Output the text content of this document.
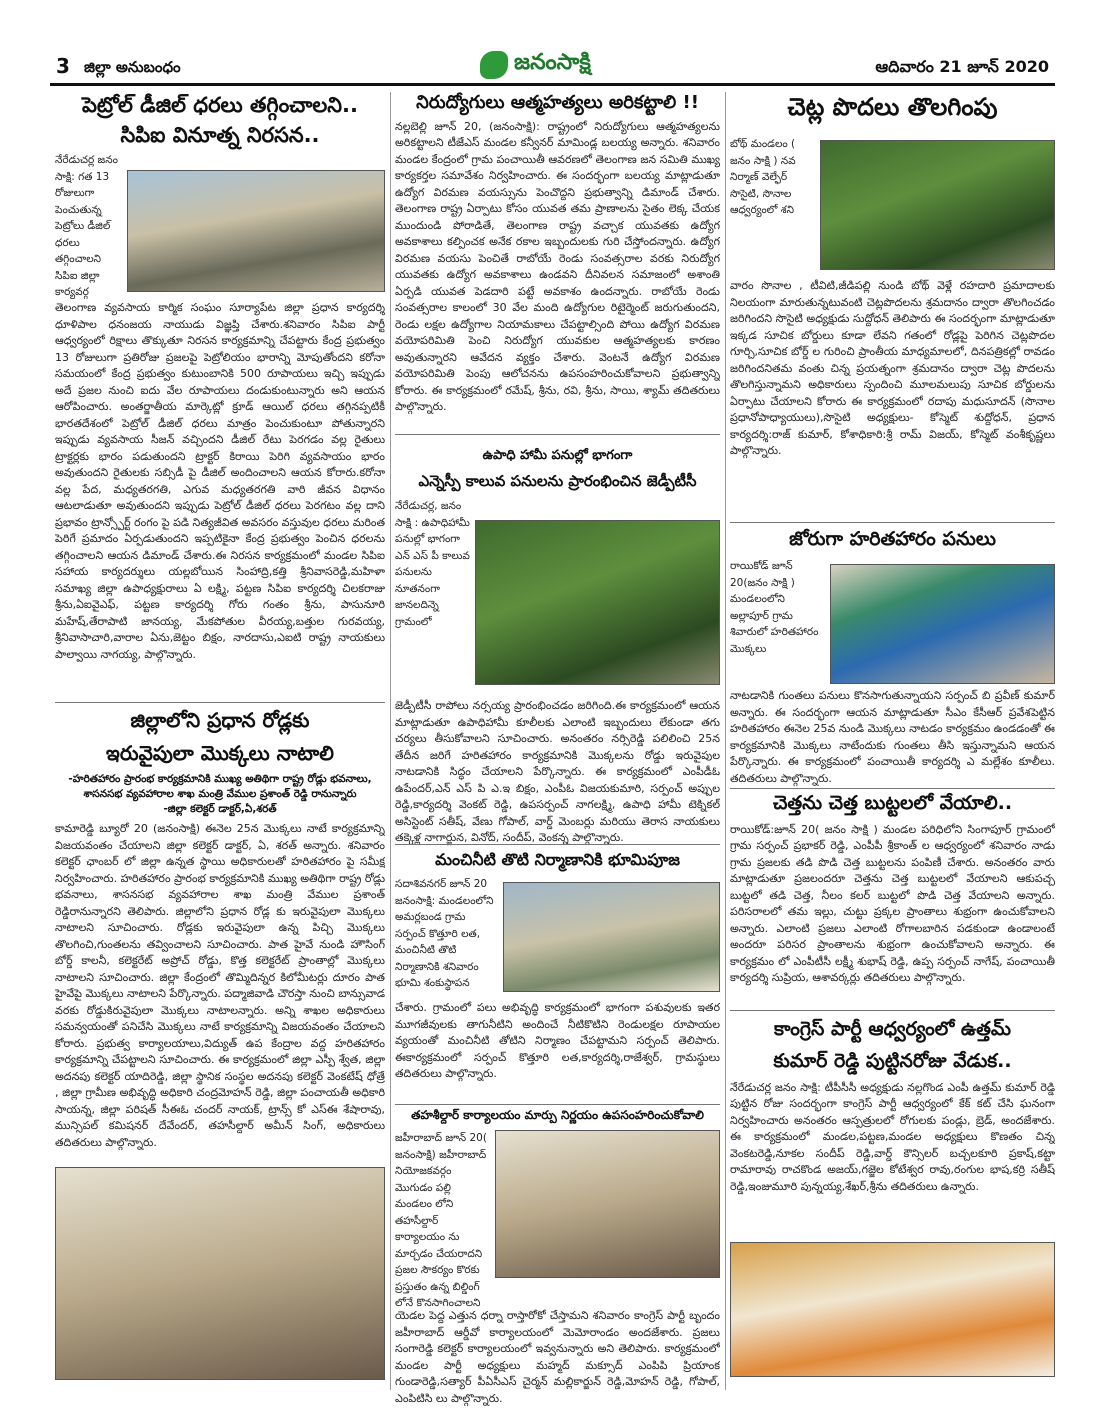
3 జిల్లా అనుబంధం	జనంసాక్షి	ఆదివారం 21 జూన్ 2020
పెట్రోల్ డీజిల్ ధరలు తగ్గించాలని..
సిపిఐ వినూత్న నిరసన..
నేరేడుచర్ల జనం సాక్షి: గత 13 రోజులుగా పెంచుతున్న పెట్రోలు డీజిల్ ధరలు తగ్గించాలని సిపిఐ జిల్లా కార్యవర్గ
తెలంగాణ వ్యవసాయ కార్మిక సంఘం సూర్యాపేట జిల్లా ప్రధాన కార్యదర్శి ధూళిపాల ధనంజయ నాయుడు విజ్ఞప్తి చేశారు.శనివారం సిపిఐ పార్టీ ఆధ్వర్యంలో రిక్షాలు తొక్కుతూ నిరసన కార్యక్రమాన్ని చేపట్టారు కేంద్ర ప్రభుత్వం 13 రోజులుగా ప్రతిరోజు ప్రజలపై పెట్రోలియం భారాన్ని మోపుతోందని కరోనా సమయంలో కేంద్ర ప్రభుత్వం కుటుంబానికి 500 రూపాయలు ఇచ్చి ఇప్పుడు అదే ప్రజల నుంచి ఐదు వేల రూపాయలు దండుకుంటున్నారు అని ఆయన ఆరోపించారు. అంతర్జాతీయ మార్కెట్లో క్రూడ్ ఆయిల్ ధరలు తగ్గినప్పటికీ భారతదేశంలో పెట్రోల్ డీజిల్ ధరలు మాత్రం పెంచుకుంటూ పోతున్నారని ఇప్పుడు వ్యవసాయ సీజన్ వచ్చిందని డీజిల్ రేటు పెరగడం వల్ల రైతులు ట్రాక్టర్లకు భారం పడుతుందని ట్రాక్టర్ కిరాయి పెరిగి వ్యవసాయం భారం అవుతుందని రైతులకు సబ్సిడీ పై డీజిల్ అందించాలని ఆయన కోరారు.కరోనా వల్ల పేద, మధ్యతరగతి, ఎగువ మధ్యతరగతి వారి జీవన విధానం ఆటలాడుతూ అవుతుందని ఇప్పుడు పెట్రోల్ డీజిల్ ధరలు పెరగటం వల్ల దాని ప్రభావం ట్రాన్స్పోర్ట్ రంగం పై పడి నిత్యజీవిత అవసరం వస్తువుల ధరలు మరింత పెరిగే ప్రమాదం ఏర్పడుతుందని ఇప్పటికైనా కేంద్ర ప్రభుత్వం పెంచిన ధరలను తగ్గించాలని ఆయన డిమాండ్ చేశారు.ఈ నిరసన కార్యక్రమంలో మండల సిపిఐ సహాయ కార్యదర్శులు యల్లబోయిన సింహాద్రి,కత్తి శ్రీనివాసరెడ్డి,మహిళా సమాఖ్య జిల్లా ఉపాధ్యక్షురాలు ఏ లక్ష్మి, పట్టణ సిపిఐ కార్యదర్శి చిలకరాజు శ్రీను,ఏఐవైఎఫ్, పట్టణ కార్యదర్శి గోరు గంతం శ్రీను, పాసునూరి మహేష్,తేరాపాటి జానయ్య, మేకపోతుల వీరయ్య,బత్తుల గురవయ్య, శ్రీనివాసాచారి,వారాల ఏను,జెట్టం బిక్షం, నారదాసు,ఎఐటి రాష్ట్ర నాయకులు పాల్వాయి నాగయ్య, పాల్గొన్నారు.
జిల్లాలోని ప్రధాన రోడ్లకు
ఇరువైపులా మొక్కలు నాటాలి
-హరితహారం ప్రారంభ కార్యక్రమానికి ముఖ్య అతిథిగా రాష్ట్ర రోడ్లు భవనాలు,
శాసనసభ వ్యవహారాల శాఖ మంత్రి వేముల ప్రశాంత్ రెడ్డి రానున్నారు
-జిల్లా కలెక్టర్ డాక్టర్,ఏ,శరత్
కామారెడ్డి బ్యూరో 20 (జనంసాక్షి) ఈనెల 25న మొక్కలు నాటే కార్యక్రమాన్ని విజయవంతం చేయాలని జిల్లా కలెక్టర్ డాక్టర్, ఏ, శరత్ అన్నారు. శనివారం కలెక్టర్ ఛాంబర్ లో జిల్లా ఉన్నత స్థాయి అధికారులతో హరితహారం పై సమీక్ష నిర్వహించారు. హరితహారం ప్రారంభ కార్యక్రమానికి ముఖ్య అతిథిగా రాష్ట్ర రోడ్లు భవనాలు, శాసనసభ వ్యవహారాల శాఖ మంత్రి వేముల ప్రశాంత్ రెడ్డిరానున్నారని తెలిపారు. జిల్లాలోని ప్రధాన రోడ్ల కు ఇరువైపులా మొక్కలు నాటాలని సూచించారు. రోడ్లకు ఇరువైపులా ఉన్న పిచ్చి మొక్కలు తొలగించి,గుంతలను తవ్వించాలని సూచించారు. పాత హైవే నుండి హౌసింగ్ బోర్డ్ కాలనీ, కలెక్టరేట్ అప్రోచ్ రోడ్డు, కొత్త కలెక్టరేట్ ప్రాంతాల్లో మొక్కలు నాటాలని సూచించారు. జిల్లా కేంద్రంలో తొమ్మిదిన్నర కిలోమీటర్లు దూరం పాత హైవేపై మొక్కలు నాటాలని పేర్కొన్నారు. పద్మాజివాడి చౌరస్తా నుంచి బాన్సువాడ వరకు రోడ్డుకిరువైపులా మొక్కలు నాటాలన్నారు. అన్ని శాఖల అధికారులు సమన్వయంతో పనిచేసి మొక్కలు నాటే కార్యక్రమాన్ని విజయవంతం చేయాలని కోరారు. ప్రభుత్వ కార్యాలయాలు,విద్యుత్ ఉప కేంద్రాల వద్ద హరితహారం కార్యక్రమాన్ని చేపట్టాలని సూచించారు. ఈ కార్యక్రమంలో జిల్లా ఎస్పీ శ్వేత, జిల్లా అదనపు కలెక్టర్ యాదిరెడ్డి, జిల్లా స్థానిక సంస్థల అదనపు కలెక్టర్ వెంకటేష్ ధోత్రే , జిల్లా గ్రామీణ అభివృద్ధి అధికారి చంద్రమోహన్ రెడ్డి, జిల్లా పంచాయతీ అధికారి సాయన్న, జిల్లా పరిషత్ సీఈఓ చందర్ నాయక్, ట్రాన్స్ కో ఎస్ఈ శేషారావు, మున్సిపల్ కమిషనర్ దేవేందర్, తహసీల్దార్ అమీన్ సింగ్, అధికారులు తదితరులు పాల్గొన్నారు.
నిరుద్యోగులు ఆత్మహత్యలు అరికట్టాలి !!
నల్లబెల్లి జూన్ 20, (జనంసాక్షి): రాష్ట్రంలో నిరుద్యోగులు ఆత్మహత్యలను అరికట్టాలని టీజేఎస్ మండల కన్వీనర్ మామిండ్ల బలయ్య అన్నారు. శనివారం మండల కేంద్రంలో గ్రామ పంచాయితీ ఆవరణలో తెలంగాణ జన సమితి ముఖ్య కార్యకర్తల సమావేశం నిర్వహించారు. ఈ సందర్భంగా బలయ్య మాట్లాడుతూ ఉద్యోగ విరమణ వయస్సును పెంచొద్దని ప్రభుత్వాన్ని డిమాండ్ చేశారు. తెలంగాణ రాష్ట్ర ఏర్పాటు కోసం యువత తమ ప్రాణాలను సైతం లెక్క చేయక ముందుండి పోరాడితే, తెలంగాణ రాష్ట్ర వచ్చాక యువతకు ఉద్యోగ అవకాశాలు కల్పించక అనేక రకాల ఇబ్బందులకు గురి చేస్తోందన్నారు. ఉద్యోగ విరమణ వయసు పెంచితే రాబోయే రెండు సంవత్సరాల వరకు నిరుద్యోగ యువతకు ఉద్యోగ అవకాశాలు ఉండవని దీనివలన సమాజంలో అశాంతి ఏర్పడి యువత పెడదారి పట్టే అవకాశం ఉందన్నారు. రాబోయే రెండు సంవత్సరాల కాలంలో 30 వేల మంది ఉద్యోగుల రిటైర్మెంట్ జరుగుతుందని, రెండు లక్షల ఉద్యోగాల నియామకాలు చేపట్టాల్సింది పోయి ఉద్యోగ విరమణ వయోపరిమితి పెంచి నిరుద్యోగ యువకుల ఆత్మహత్యలకు కారణం అవుతున్నారని ఆవేదన వ్యక్తం చేశారు. వెంటనే ఉద్యోగ విరమణ వయోపరిమితి పెంపు ఆలోచనను ఉపసంహరించుకోవాలని ప్రభుత్వాన్ని కోరారు. ఈ కార్యక్రమంలో రమేష్, శ్రీను, రవి, శ్రీను, సాయి, శ్యామ్ తదితరులు పాల్గొన్నారు.
ఉపాధి హామీ పనుల్లో భాగంగా
ఎన్నెస్పీ కాలువ పనులను ప్రారంభించిన జెడ్పీటీసీ
నేరేడుచర్ల, జనం సాక్షి : ఉపాధిహామీ పనుల్లో భాగంగా ఎన్ ఎస్ పీ కాలువ పనులను నూతనంగా జానలదిన్నె గ్రామంలో
జెడ్పీటీసీ రాపోలు నర్సయ్య ప్రారంభించడం జరిగింది.ఈ కార్యక్రమంలో ఆయన మాట్లాడుతూ ఉపాధిహామీ కూలీలకు ఎలాంటి ఇబ్బందులు లేకుండా తగు చర్యలు తీసుకోవాలని సూచించారు. అనంతరం నర్సిరెడ్డి పలిలించి 25న తేదీన జరిగే హరితహారం కార్యక్రమానికి మొక్కలను రోడ్డు ఇరువైపుల నాటడానికి సిద్ధం చేయాలని పేర్కొన్నారు. ఈ కార్యక్రమంలో ఎంపీడీఓ ఉపేందర్,ఎన్ ఎస్ పి ఎ.ఇ బిక్షం, ఎంపీఓ విజయకుమారి, సర్పంచ్ అప్పుల రెడ్డి,కార్యదర్శి వెంకట్ రెడ్డి, ఉపసర్పంచ్ నాగలక్ష్మి, ఉపాధి హామీ టెక్నికల్ అసిస్టెంట్ సతీష్, వేణు గోపాల్, వార్డ్ మెంబర్లు మరియు తెరాస నాయకులు తక్కెళ్ల నాగార్జున, వినోద్, సందీప్, వెంకన్న పాల్గొన్నారు.
మంచినీటి తొటి నిర్మాణానికి భూమిపూజ
సదాశివనగర్ జూన్ 20 జనంసాక్షి: మండలంలోని అమర్లబండ గ్రామ సర్పంచ్ కొత్తూరి లత, మంచినీటి తొటి నిర్మాణానికి శనివారం భూమి శంకుస్థాపన
చేశారు. గ్రామంలో పలు అభివృద్ధి కార్యక్రమంలో భాగంగా పశువులకు ఇతర మూగజీవులకు తాగునీటిని అందించే నీటికొటిని రెండులక్షల రూపాయల వ్యయంతో మంచినీటి తోటిని నిర్మాణం చేపట్టామని సర్పంచ్ తెలిపారు. ఈకార్యక్రమంలో సర్పంచ్ కొత్తూరి లత,కార్యదర్శి,రాజేశ్వర్, గ్రామస్థులు తదితరులు పాల్గొన్నారు.
తహశీల్దార్ కార్యాలయం మార్పు నిర్ణయం ఉపసంహరించుకోవాలి
జహీరాబాద్ జూన్ 20( జనంసాక్షి) జహీరాబాద్ నియోజకవర్గం మొగుడం పల్లి మండలం లోని తహసీల్దార్ కార్యాలయం ను మార్చడం చేయరాదని ప్రజల సౌకర్యం కొరకు ప్రస్తుతం ఉన్న బిల్డింగ్ లోనే కొనసాగించాలని
యెడల పెద్ద ఎత్తున ధర్నా రాస్తారోకో చేస్తామని శనివారం కాంగ్రెస్ పార్టీ బృందం జహీరాబాద్ ఆర్డీవో కార్యాలయంలో మెమోరాండం అందజేశారు. ప్రజలు సంగారెడ్డి కలెక్టర్ కార్యాలయంలో ఇవ్వనున్నారు అని తెలిపారు. కార్యక్రమంలో మండల పార్టీ అధ్యక్షులు మహ్మద్ మక్సూద్ ఎంపిపి ప్రియాంక గుండారెడ్డి,సత్యార్ పీఏసీఎస్ చైర్మన్ మల్లికార్జున్ రెడ్డి,మోహన్ రెడ్డి, గోపాల్, ఎంపిటిసి లు పాల్గొన్నారు.
చెట్ల పొదలు తొలగింపు
బోథ్ మండలం ( జనం సాక్షి ) నవ నిర్మాణ్ వెల్ఫేర్ సొసైటి, సొనాల ఆధ్వర్యంలో శని
వారం సొనాల , టీవిటి,జీడిపల్లి నుండి బోథ్ వెళ్లే రహదారి ప్రమాదాలకు నిలయంగా మారుతున్నటువంటి చెట్లపొదలను శ్రమదానం ద్వారా తొలగించడం జరిగిందని సొసైటి అధ్యక్షుడు సుద్దోధన్ తెలిపారు ఈ సందర్భంగా మాట్లాడుతూ ఇక్కడ సూచిక బోర్డులు కూడా లేవని గతంలో రోడ్లపై పెరిగిన చెట్లపొదల గూర్చి,సూచిక బోర్డ్ ల గురించి ప్రాంతీయ మాధ్యమాలలో, దినపత్రికల్లో రావడం జరిగిందనితమ వంతు చిన్న ప్రయత్నంగా శ్రమదానం ద్వారా చెట్ల పొదలను తొలగిస్తున్నామని అధికారులు స్పందించి మూలమలుపు సూచిక బోర్డులను ఏర్పాటు చేయాలని కోరారు ఈ కార్యక్రమంలో రదాపు మధుసూదన్ (సొనాల ప్రధానోపాధ్యాయులు),సొసైటి అధ్యక్షులు- కోస్మెట్ శుద్దోధన్, ప్రధాన కార్యదర్శి:రాజ్ కుమార్, కోశాధికారి:శ్రీ రామ్ విజయ్, కోస్మెట్ వంశీకృష్ణలు పాల్గొన్నారు.
జోరుగా హరితహారం పనులు
రాయికోడ్ జూన్ 20(జనం సాక్షి ) మండలంలోని అల్లాపూర్ గ్రామ శివారులో హరితహారం మొక్కలు
నాటడానికి గుంతలు పనులు కొనసాగుతున్నాయని సర్పంచ్ బి ప్రవీణ్ కుమార్ అన్నారు. ఈ సందర్భంగా ఆయన మాట్లాడుతూ సీఎం కేసీఆర్ ప్రవేశపెట్టిన హరితహారం ఈనెల 25వ నుండి మొక్కలు నాటడం కార్యక్రమం ఉండడంతో ఈ కార్యక్రమానికి మొక్కలు నాటేందుకు గుంతలు తీసి ఇస్తున్నామని ఆయన పేర్కొన్నారు. ఈ కార్యక్రమంలో పంచాయితీ కార్యదర్శి ఎ మల్లేశం కూలీలు. తదితరులు పాల్గొన్నారు.
చెత్తను చెత్త బుట్టలలో వేయాలి..
రాయికోడ్:జూన్ 20( జనం సాక్షి ) మండల పరిధిలోని సింగాపూర్ గ్రామంలో గ్రామ సర్పంచ్ ప్రభాకర్ రెడ్డి, ఎంపీపీ శ్రీకాంత్ ల ఆధ్వర్యంలో శనివారం నాడు గ్రామ ప్రజలకు తడి పొడి చెత్త బుట్టలను పంపిణీ చేశారు. అనంతరం వారు మాట్లాడుతూ ప్రజలందరూ చెత్తను చెత్త బుట్టలలో వేయాలని ఆకుపచ్చ బుట్టలో తడి చెత్త, నీలం కలర్ బుట్టలో పొడి చెత్త వేయాలని అన్నారు. పరిసరాలలో తమ ఇల్లు, చుట్టు ప్రక్కల ప్రాంతాలు శుభ్రంగా ఉంచుకోవాలని అన్నారు. ఎలాంటి ప్రజలు ఎలాంటి రోగాలబారిన పడకుండా ఉండాలంటే అందరూ పరిసర ప్రాంతాలను శుభ్రంగా ఉంచుకోవాలని అన్నారు. ఈ కార్యక్రమం లో ఎంపీటీసీ లక్ష్మీ శుభాష్ రెడ్డి, ఉప్ప సర్పంచ్ నాగేష్, పంచాయితీ కార్యదర్శి సుప్రియ, ఆశావర్కర్లు తదితరులు పాల్గొన్నారు.
కాంగ్రెస్ పార్టీ ఆధ్వర్యంలో ఉత్తమ్
కుమార్ రెడ్డి పుట్టినరోజు వేడుక..
నేరేడుచర్ల జనం సాక్షి: టీపీసీసీ అధ్యక్షుడు నల్లగొండ ఎంపీ ఉత్తమ్ కుమార్ రెడ్డి పుట్టిన రోజు సందర్భంగా కాంగ్రెస్ పార్టీ ఆధ్వర్యంలో కేక్ కట్ చేసి ఘనంగా నిర్వహించారు అనంతరం ఆస్పత్రులలో రోగులకు పండ్లు, బ్రెడ్, అందజేశారు. ఈ కార్యక్రమంలో మండల,పట్టణ,మండల అధ్యక్షులు కొణతం చిన్న వెంకటరెడ్డి,నూకల సందీప్ రెడ్డి,వార్డ్ కౌన్సిలర్ బచ్చలకూరి ప్రకాష్,కట్టా రామారావు రాచకొండ అజయ్,గజ్జెల కోటేశ్వర రావు,రంగుల భాష,కర్రి సతీష్ రెడ్డి,ఇంజుమూరి పున్నయ్య,శేఖర్,శ్రీను తదితరులు ఉన్నారు.
